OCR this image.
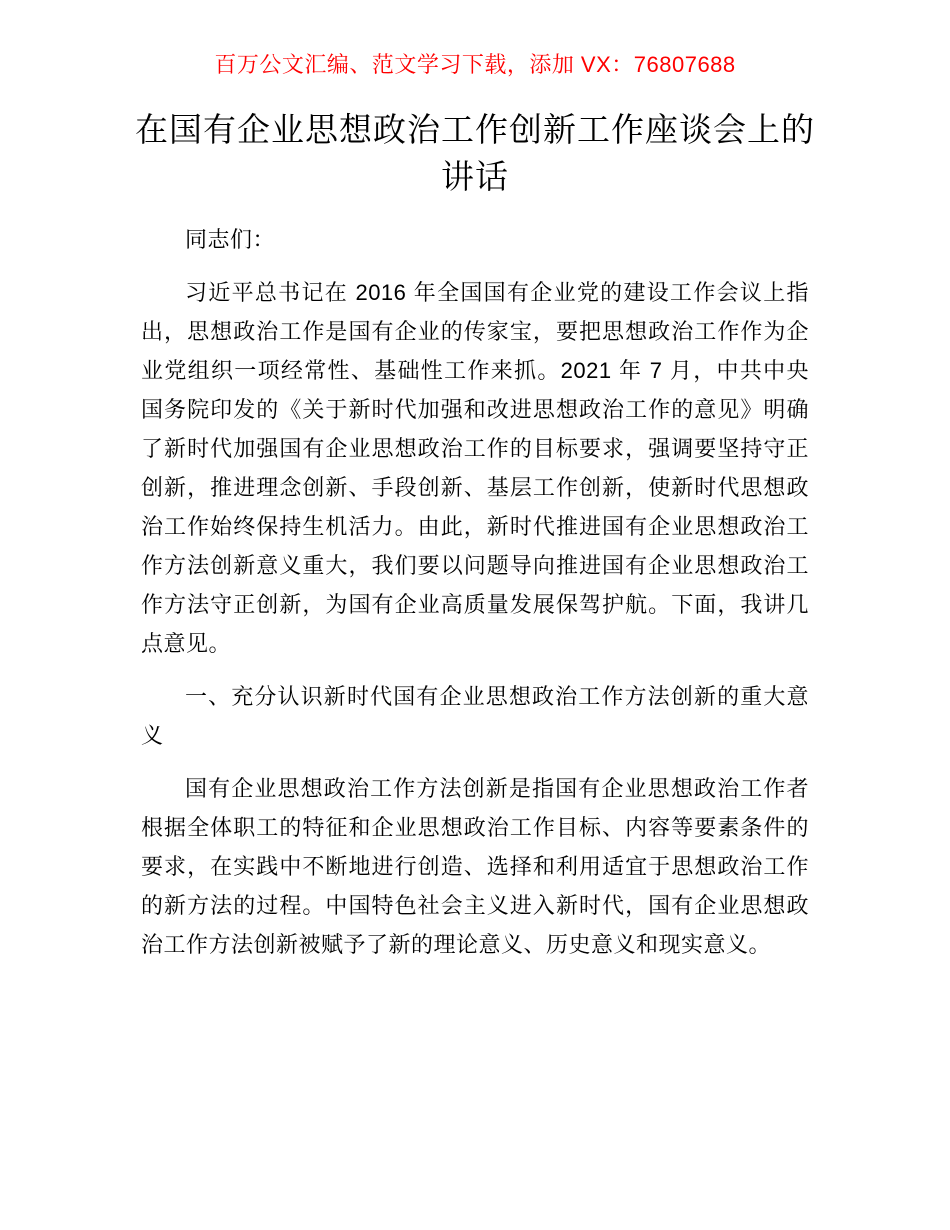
百万公文汇编、范文学习下载，添加 VX：76807688
在国有企业思想政治工作创新工作座谈会上的讲话

同志们：

习近平总书记在 2016 年全国国有企业党的建设工作会议上指出，思想政治工作是国有企业的传家宝，要把思想政治工作作为企业党组织一项经常性、基础性工作来抓。2021 年 7 月，中共中央国务院印发的《关于新时代加强和改进思想政治工作的意见》明确了新时代加强国有企业思想政治工作的目标要求，强调要坚持守正创新，推进理念创新、手段创新、基层工作创新，使新时代思想政治工作始终保持生机活力。由此，新时代推进国有企业思想政治工作方法创新意义重大，我们要以问题导向推进国有企业思想政治工作方法守正创新，为国有企业高质量发展保驾护航。下面，我讲几点意见。

一、充分认识新时代国有企业思想政治工作方法创新的重大意义

国有企业思想政治工作方法创新是指国有企业思想政治工作者根据全体职工的特征和企业思想政治工作目标、内容等要素条件的要求，在实践中不断地进行创造、选择和利用适宜于思想政治工作的新方法的过程。中国特色社会主义进入新时代，国有企业思想政治工作方法创新被赋予了新的理论意义、历史意义和现实意义。
